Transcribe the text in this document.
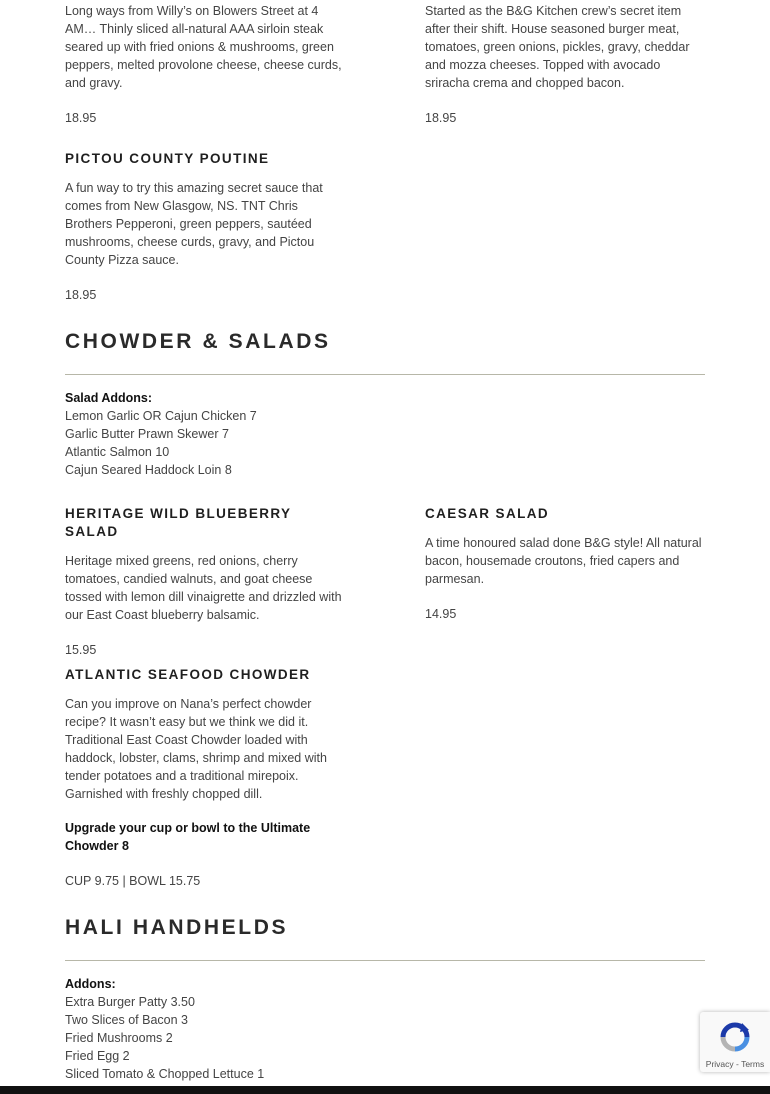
Long ways from Willy’s on Blowers Street at 4 AM… Thinly sliced all-natural AAA sirloin steak seared up with fried onions & mushrooms, green peppers, melted provolone cheese, cheese curds, and gravy.

18.95

Started as the B&G Kitchen crew’s secret item after their shift. House seasoned burger meat, tomatoes, green onions, pickles, gravy, cheddar and mozza cheeses. Topped with avocado sriracha crema and chopped bacon.

18.95

PICTOU COUNTY POUTINE

A fun way to try this amazing secret sauce that comes from New Glasgow, NS. TNT Chris Brothers Pepperoni, green peppers, sautéed mushrooms, cheese curds, gravy, and Pictou County Pizza sauce.

18.95

CHOWDER & SALADS
Salad Addons:
Lemon Garlic OR Cajun Chicken 7
Garlic Butter Prawn Skewer 7
Atlantic Salmon 10
Cajun Seared Haddock Loin 8

HERITAGE WILD BLUEBERRY SALAD

Heritage mixed greens, red onions, cherry tomatoes, candied walnuts, and goat cheese tossed with lemon dill vinaigrette and drizzled with our East Coast blueberry balsamic.

15.95

CAESAR SALAD

A time honoured salad done B&G style! All natural bacon, housemade croutons, fried capers and parmesan.

14.95

ATLANTIC SEAFOOD CHOWDER

Can you improve on Nana’s perfect chowder recipe? It wasn’t easy but we think we did it. Traditional East Coast Chowder loaded with haddock, lobster, clams, shrimp and mixed with tender potatoes and a traditional mirepoix. Garnished with freshly chopped dill.

Upgrade your cup or bowl to the Ultimate Chowder 8

CUP 9.75 | BOWL 15.75

HALI HANDHELDS
Addons:
Extra Burger Patty 3.50
Two Slices of Bacon 3
Fried Mushrooms 2
Fried Egg 2
Sliced Tomato & Chopped Lettuce 1
Privacy - Terms
